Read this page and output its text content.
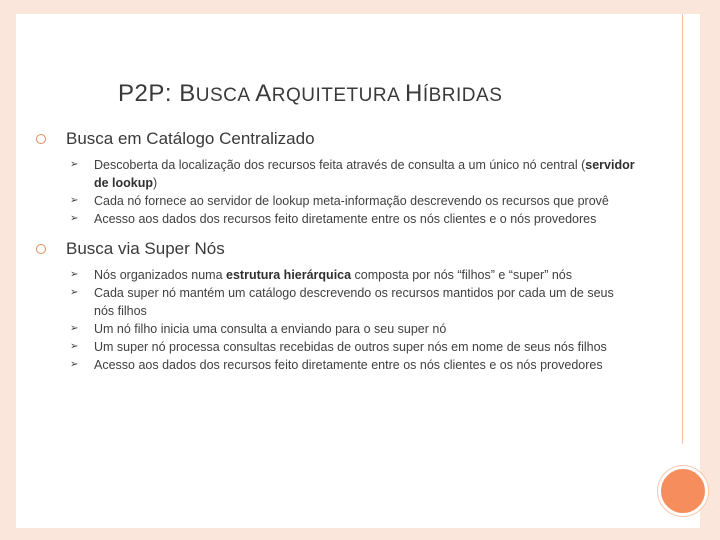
P2P: BUSCA ARQUITETURA HÍBRIDAS
Busca em Catálogo Centralizado
➢	Descoberta da localização dos recursos feita através de consulta a um único nó central (servidor de lookup)
➢	Cada nó fornece ao servidor de lookup meta-informação descrevendo os recursos que provê
➢	Acesso aos dados dos recursos feito diretamente entre os nós clientes e o nós provedores
Busca via Super Nós
➢	Nós organizados numa estrutura hierárquica composta por nós “filhos” e “super” nós
➢	Cada super nó mantém um catálogo descrevendo os recursos mantidos por cada um de seus nós filhos
➢	Um nó filho inicia uma consulta a enviando para o seu super nó
➢	Um super nó processa consultas recebidas de outros super nós em nome de seus nós filhos
➢	Acesso aos dados dos recursos feito diretamente entre os nós clientes e os nós provedores
